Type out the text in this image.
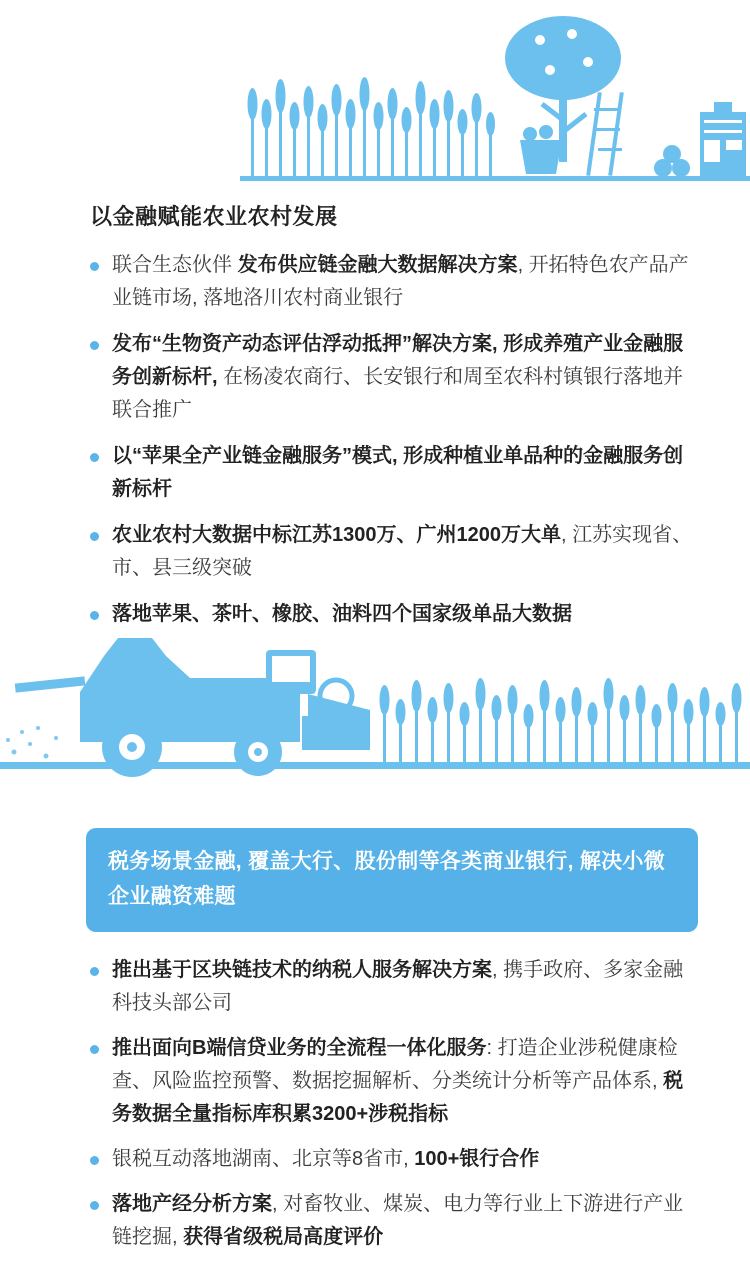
以金融赋能农业农村发展
联合生态伙伴 发布供应链金融大数据解决方案, 开拓特色农产品产业链市场, 落地洛川农村商业银行
发布“生物资产动态评估浮动抵押”解决方案, 形成养殖产业金融服务创新标杆, 在杨凌农商行、长安银行和周至农科村镇银行落地并联合推广
以“苹果全产业链金融服务”模式, 形成种植业单品种的金融服务创新标杆
农业农村大数据中标江苏1300万、广州1200万大单, 江苏实现省、市、县三级突破
落地苹果、茶叶、橡胶、油料四个国家级单品大数据
税务场景金融, 覆盖大行、股份制等各类商业银行, 解决小微企业融资难题
推出基于区块链技术的纳税人服务解决方案, 携手政府、多家金融科技头部公司
推出面向B端信贷业务的全流程一体化服务: 打造企业涉税健康检查、风险监控预警、数据挖掘解析、分类统计分析等产品体系, 税务数据全量指标库积累3200+涉税指标
银税互动落地湖南、北京等8省市, 100+银行合作
落地产经分析方案, 对畜牧业、煤炭、电力等行业上下游进行产业链挖掘, 获得省级税局高度评价
